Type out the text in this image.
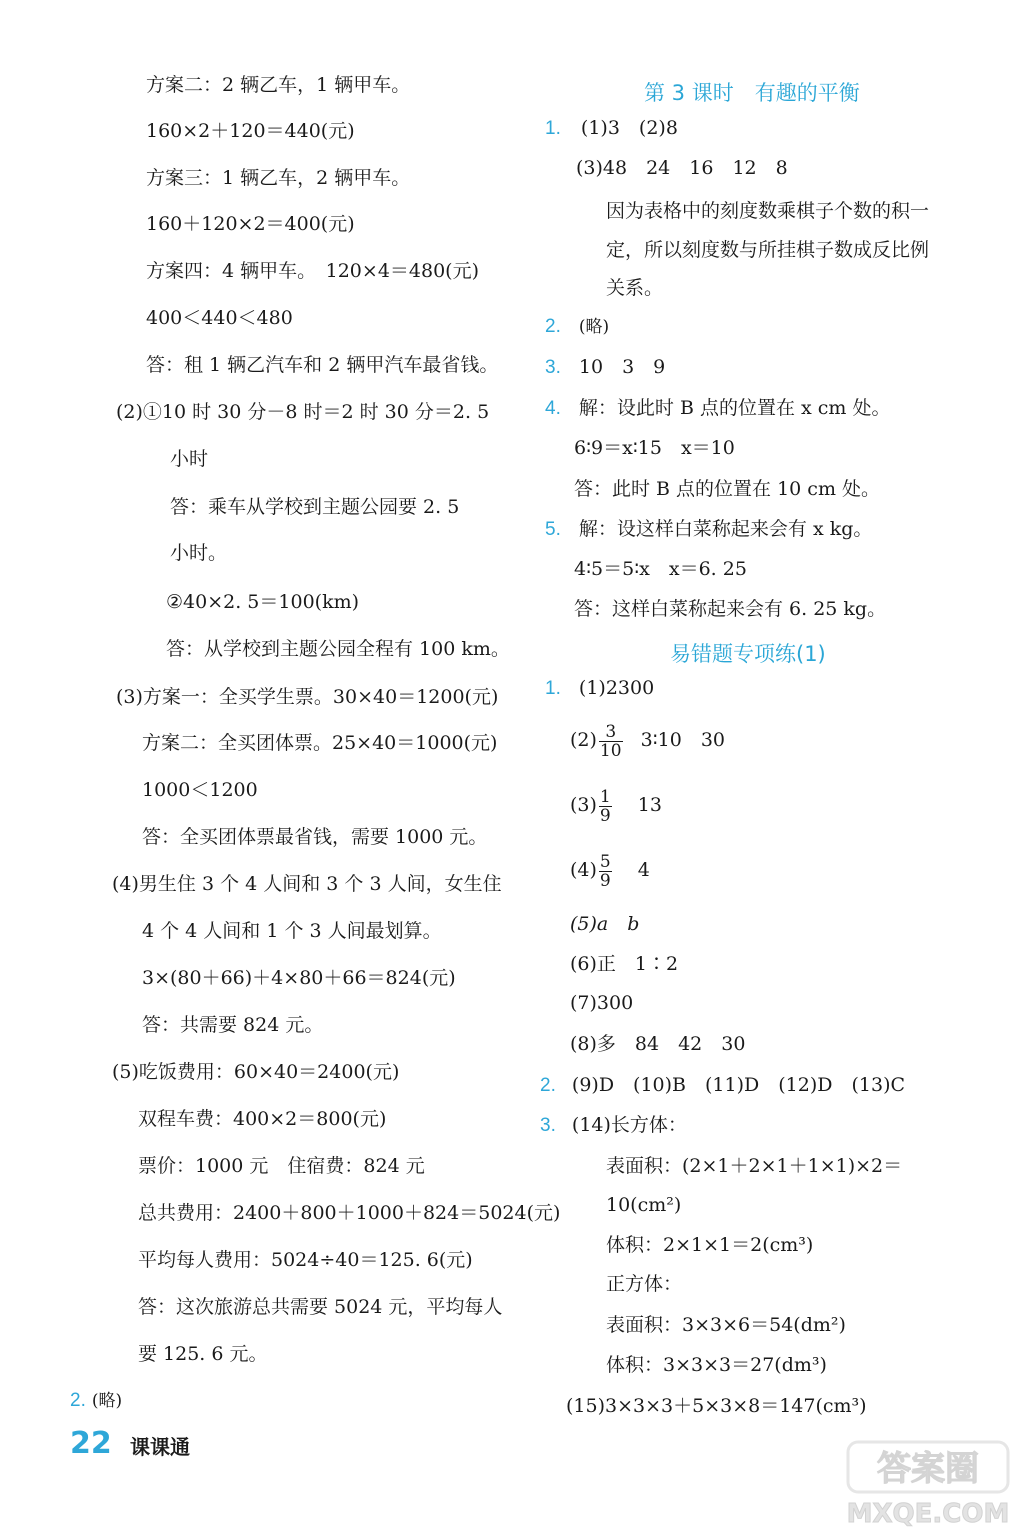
方案二：2 辆乙车，1 辆甲车。
160×2＋120＝440(元)
方案三：1 辆乙车，2 辆甲车。
160＋120×2＝400(元)
方案四：4 辆甲车。　120×4＝480(元)
400＜440＜480
答：租 1 辆乙汽车和 2 辆甲汽车最省钱。
(2)①10 时 30 分－8 时＝2 时 30 分＝2. 5
小时
答：乘车从学校到主题公园要 2. 5
小时。
②40×2. 5＝100(km)
答：从学校到主题公园全程有 100 km。
(3)方案一：全买学生票。30×40＝1200(元)
方案二：全买团体票。25×40＝1000(元)
1000＜1200
答：全买团体票最省钱，需要 1000 元。
(4)男生住 3 个 4 人间和 3 个 3 人间，女生住
4 个 4 人间和 1 个 3 人间最划算。
3×(80＋66)＋4×80＋66＝824(元)
答：共需要 824 元。
(5)吃饭费用：60×40＝2400(元)
双程车费：400×2＝800(元)
票价：1000 元　住宿费：824 元
总共费用：2400＋800＋1000＋824＝5024(元)
平均每人费用：5024÷40＝125. 6(元)
答：这次旅游总共需要 5024 元，平均每人
要 125. 6 元。
2. (略)
第 3 课时　有趣的平衡
1. (1)3　(2)8
(3)48　24　16　12　8
因为表格中的刻度数乘棋子个数的积一
定，所以刻度数与所挂棋子数成反比例
关系。
2. (略)
3. 10　3　9
4. 解：设此时 B 点的位置在 x cm 处。
6∶9＝x∶15　x＝10
答：此时 B 点的位置在 10 cm 处。
5. 解：设这样白菜称起来会有 x kg。
4∶5＝5∶x　x＝6. 25
答：这样白菜称起来会有 6. 25 kg。
易错题专项练(1)
1. (1)2300
$(2) \frac{3}{10}$ 3∶10　30
$(3) \frac{1}{9} 13$
$(4) \frac{5}{9} 4$
(5)a　b
(6)正　1∶2
(7)300
(8)多　84　42　30
2. (9)D　(10)B　(11)D　(12)D　(13)C
3. (14)长方体：
表面积：(2×1＋2×1＋1×1)×2＝
10(cm²)
体积：2×1×1＝2(cm³)
正方体：
表面积：3×3×6＝54(dm²)
体积：3×3×3＝27(dm³)
(15)3×3×3＋5×3×8＝147(cm³)
22 课课通
答案圈
MXQE.COM
